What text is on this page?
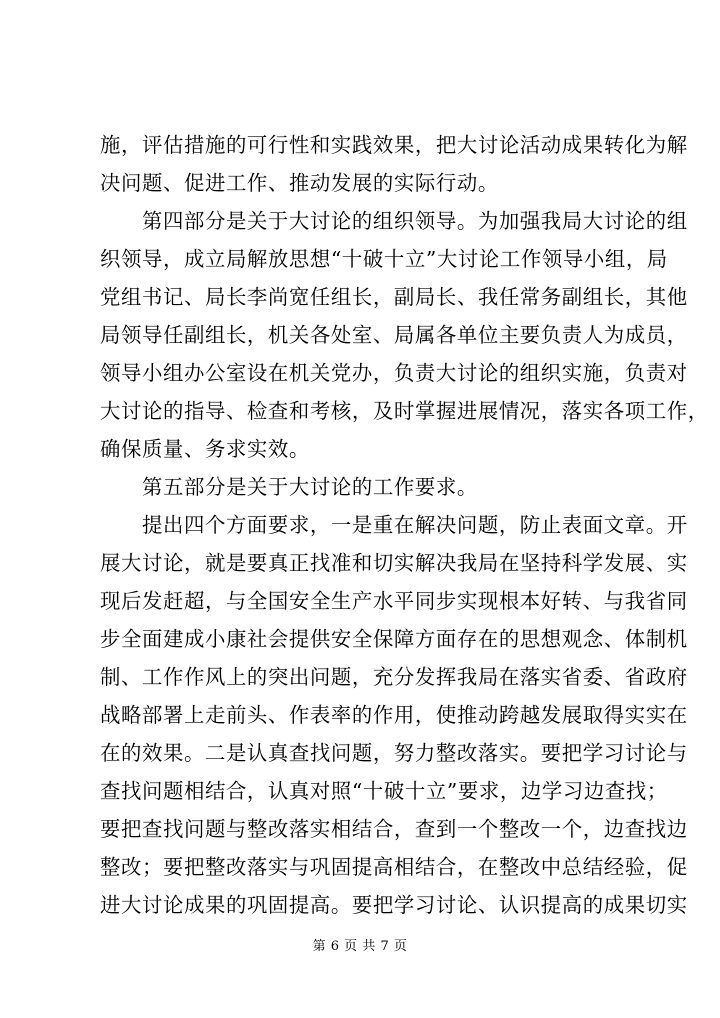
施，评估措施的可行性和实践效果，把大讨论活动成果转化为解
决问题、促进工作、推动发展的实际行动。
　　第四部分是关于大讨论的组织领导。为加强我局大讨论的组
织领导，成立局解放思想“十破十立”大讨论工作领导小组，局
党组书记、局长李尚宽任组长，副局长、我任常务副组长，其他
局领导任副组长，机关各处室、局属各单位主要负责人为成员，
领导小组办公室设在机关党办，负责大讨论的组织实施，负责对
大讨论的指导、检查和考核，及时掌握进展情况，落实各项工作，
确保质量、务求实效。
　　第五部分是关于大讨论的工作要求。
　　提出四个方面要求，一是重在解决问题，防止表面文章。开
展大讨论，就是要真正找准和切实解决我局在坚持科学发展、实
现后发赶超，与全国安全生产水平同步实现根本好转、与我省同
步全面建成小康社会提供安全保障方面存在的思想观念、体制机
制、工作作风上的突出问题，充分发挥我局在落实省委、省政府
战略部署上走前头、作表率的作用，使推动跨越发展取得实实在
在的效果。二是认真查找问题，努力整改落实。要把学习讨论与
查找问题相结合，认真对照“十破十立”要求，边学习边查找；
要把查找问题与整改落实相结合，查到一个整改一个，边查找边
整改；要把整改落实与巩固提高相结合，在整改中总结经验，促
进大讨论成果的巩固提高。要把学习讨论、认识提高的成果切实
第 6 页 共 7 页
